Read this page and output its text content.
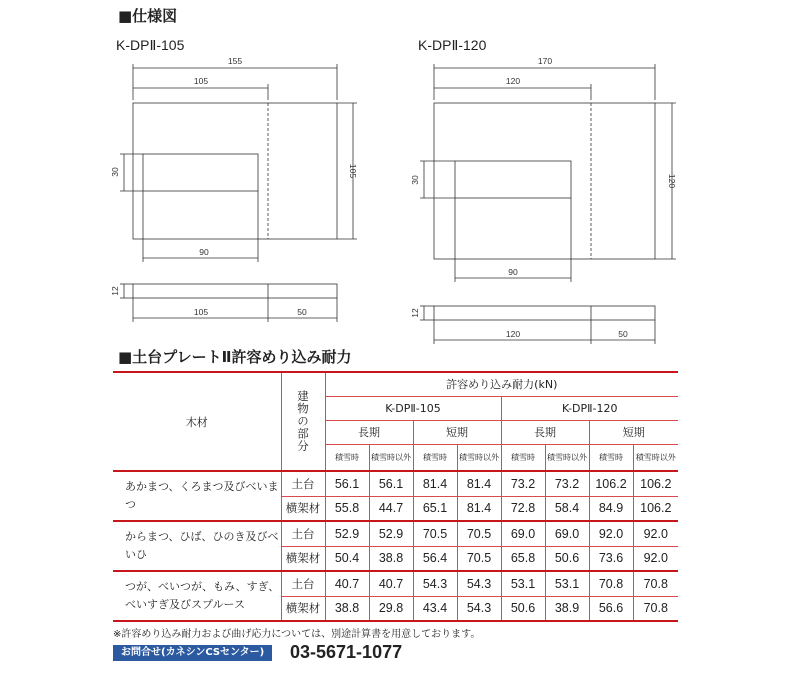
■仕様図
K-DPⅡ-105	K-DPⅡ-120
155
105
90
105	50
30	105
12
170
120
90
120	50
30	120
12
■土台プレートⅡ許容めり込み耐力
木材	建物の部分	許容めり込み耐力(kN)							
		K-DPⅡ-105				K-DPⅡ-120			
		長期		短期		長期		短期	
		積雪時	積雪時以外	積雪時	積雪時以外	積雪時	積雪時以外	積雪時	積雪時以外
あかまつ、くろまつ及びべいまつ	土台	56.1	56.1	81.4	81.4	73.2	73.2	106.2	106.2
	横架材	55.8	44.7	65.1	81.4	72.8	58.4	84.9	106.2
からまつ、ひば、ひのき及びべいひ	土台	52.9	52.9	70.5	70.5	69.0	69.0	92.0	92.0
	横架材	50.4	38.8	56.4	70.5	65.8	50.6	73.6	92.0
つが、べいつが、もみ、すぎ、べいすぎ及びスプルース	土台	40.7	40.7	54.3	54.3	53.1	53.1	70.8	70.8
	横架材	38.8	29.8	43.4	54.3	50.6	38.9	56.6	70.8
※許容めり込み耐力および曲げ応力については、別途計算書を用意しております。
お問合せ(カネシンCSセンター)	03-5671-1077
